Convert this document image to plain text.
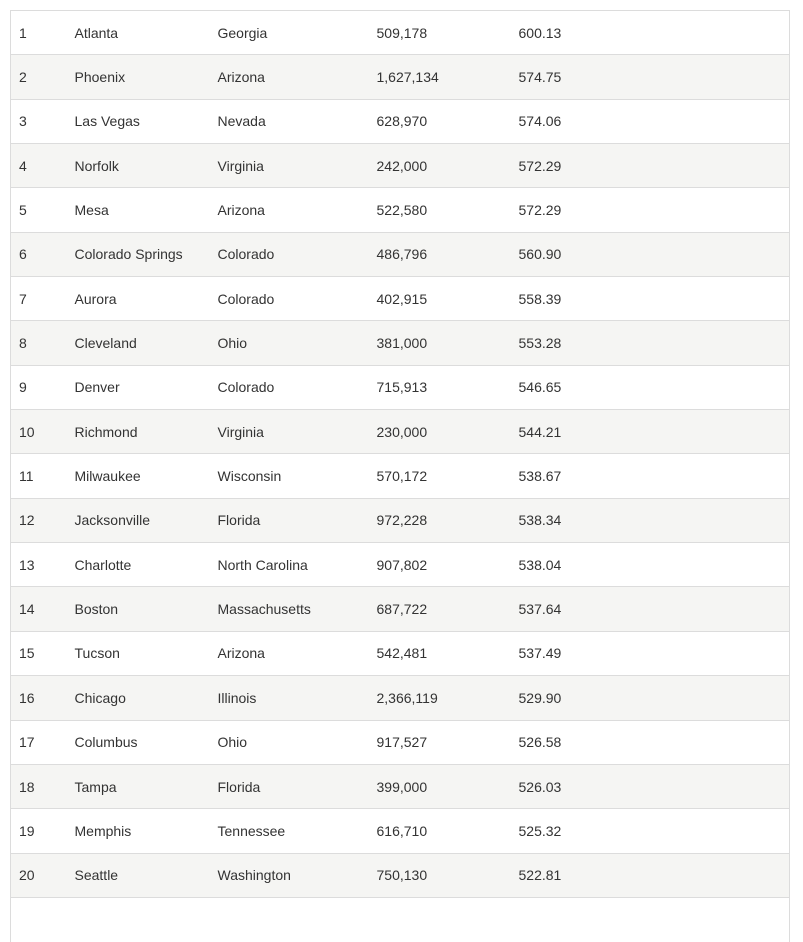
1	Atlanta	Georgia	509,178	600.13
2	Phoenix	Arizona	1,627,134	574.75
3	Las Vegas	Nevada	628,970	574.06
4	Norfolk	Virginia	242,000	572.29
5	Mesa	Arizona	522,580	572.29
6	Colorado Springs	Colorado	486,796	560.90
7	Aurora	Colorado	402,915	558.39
8	Cleveland	Ohio	381,000	553.28
9	Denver	Colorado	715,913	546.65
10	Richmond	Virginia	230,000	544.21
11	Milwaukee	Wisconsin	570,172	538.67
12	Jacksonville	Florida	972,228	538.34
13	Charlotte	North Carolina	907,802	538.04
14	Boston	Massachusetts	687,722	537.64
15	Tucson	Arizona	542,481	537.49
16	Chicago	Illinois	2,366,119	529.90
17	Columbus	Ohio	917,527	526.58
18	Tampa	Florida	399,000	526.03
19	Memphis	Tennessee	616,710	525.32
20	Seattle	Washington	750,130	522.81
